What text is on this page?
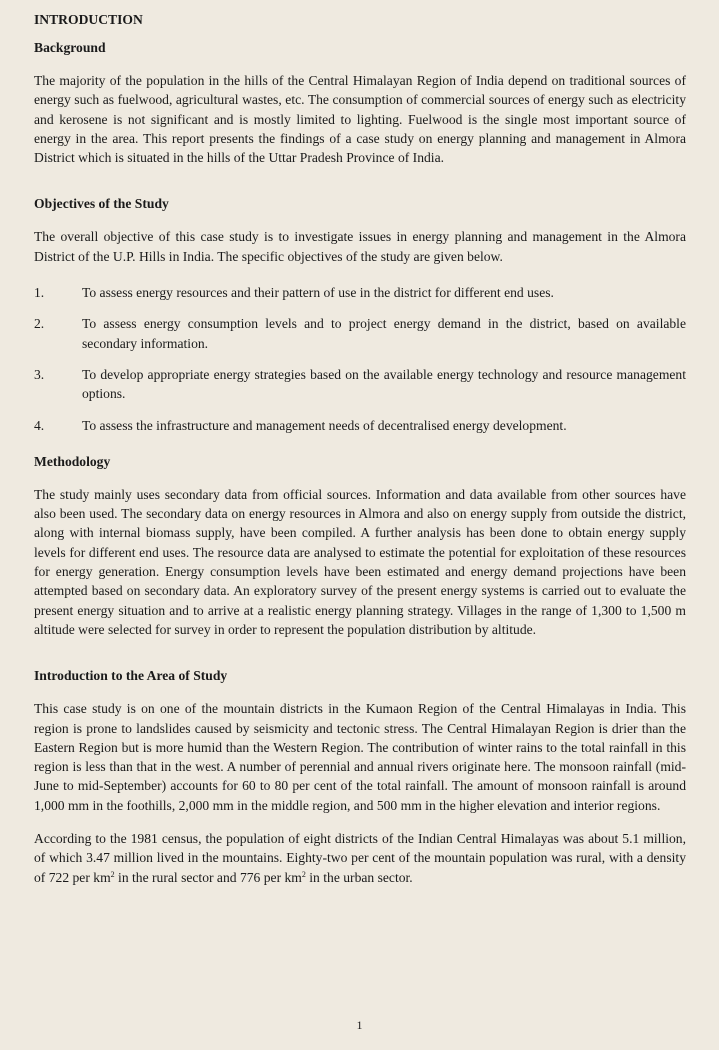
INTRODUCTION
Background

The majority of the population in the hills of the Central Himalayan Region of India depend on traditional sources of energy such as fuelwood, agricultural wastes, etc. The consumption of commercial sources of energy such as electricity and kerosene is not significant and is mostly limited to lighting. Fuelwood is the single most important source of energy in the area. This report presents the findings of a case study on energy planning and management in Almora District which is situated in the hills of the Uttar Pradesh Province of India.

Objectives of the Study

The overall objective of this case study is to investigate issues in energy planning and management in the Almora District of the U.P. Hills in India. The specific objectives of the study are given below.

1.	To assess energy resources and their pattern of use in the district for different end uses.
2.	To assess energy consumption levels and to project energy demand in the district, based on available secondary information.
3.	To develop appropriate energy strategies based on the available energy technology and resource management options.
4.	To assess the infrastructure and management needs of decentralised energy development.
Methodology

The study mainly uses secondary data from official sources. Information and data available from other sources have also been used. The secondary data on energy resources in Almora and also on energy supply from outside the district, along with internal biomass supply, have been compiled. A further analysis has been done to obtain energy supply levels for different end uses. The resource data are analysed to estimate the potential for exploitation of these resources for energy generation. Energy consumption levels have been estimated and energy demand projections have been attempted based on secondary data. An exploratory survey of the present energy systems is carried out to evaluate the present energy situation and to arrive at a realistic energy planning strategy. Villages in the range of 1,300 to 1,500 m altitude were selected for survey in order to represent the population distribution by altitude.

Introduction to the Area of Study

This case study is on one of the mountain districts in the Kumaon Region of the Central Himalayas in India. This region is prone to landslides caused by seismicity and tectonic stress. The Central Himalayan Region is drier than the Eastern Region but is more humid than the Western Region. The contribution of winter rains to the total rainfall in this region is less than that in the west. A number of perennial and annual rivers originate here. The monsoon rainfall (mid-June to mid-September) accounts for 60 to 80 per cent of the total rainfall. The amount of monsoon rainfall is around 1,000 mm in the foothills, 2,000 mm in the middle region, and 500 mm in the higher elevation and interior regions.

According to the 1981 census, the population of eight districts of the Indian Central Himalayas was about 5.1 million, of which 3.47 million lived in the mountains. Eighty-two per cent of the mountain population was rural, with a density of 722 per $km^2$ in the rural sector and 776 per $km^2$ in the urban sector.

1
